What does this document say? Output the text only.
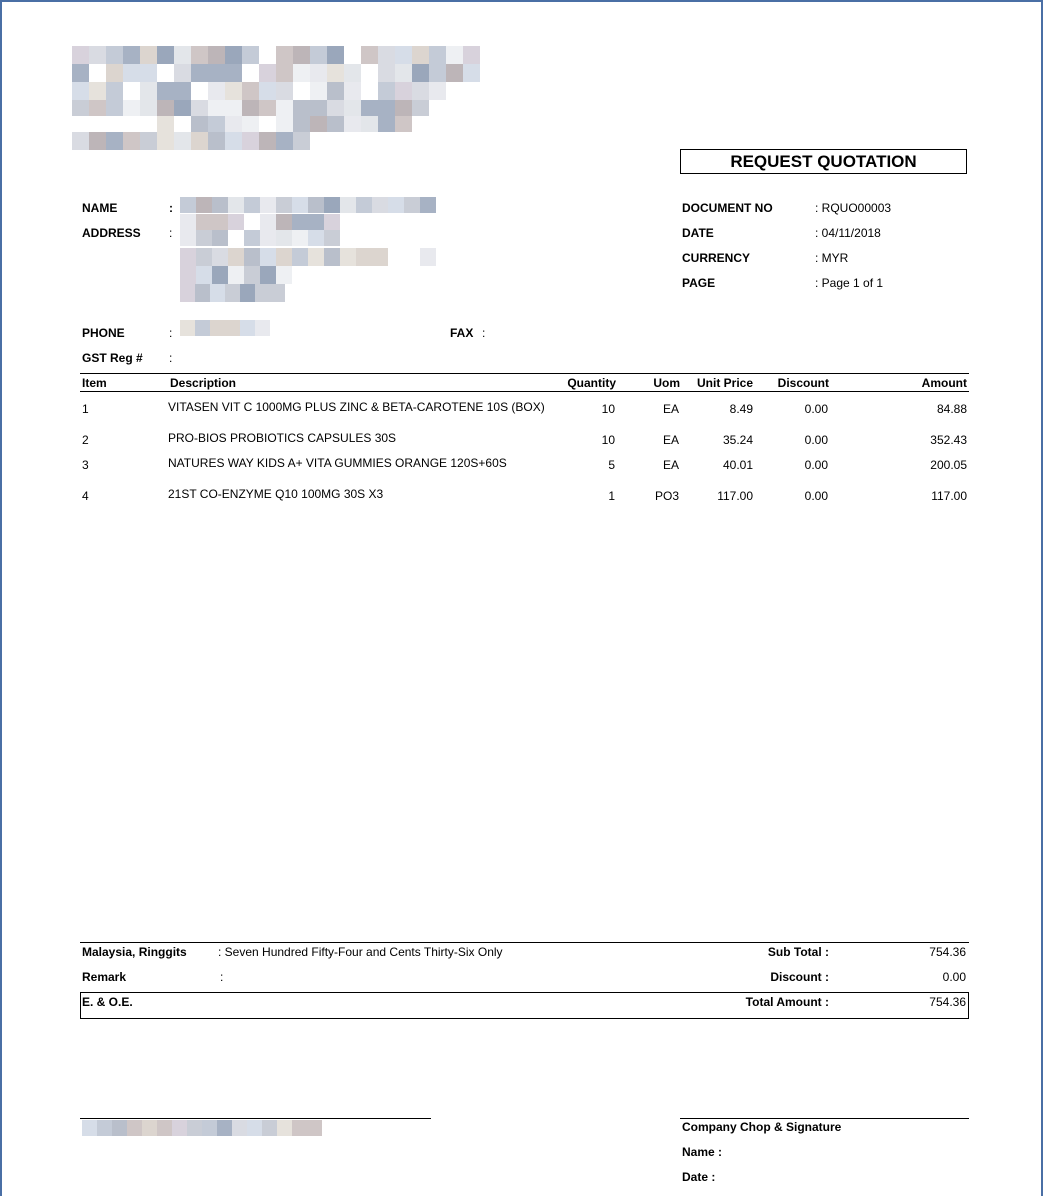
REQUEST QUOTATION
NAME	:
ADDRESS :
PHONE	:	FAX :
GST Reg # :
DOCUMENT NO	: RQUO00003
DATE	: 04/11/2018
CURRENCY	: MYR
PAGE	: Page 1 of 1
Item	Description	Quantity	Uom	Unit Price	Discount	Amount
1	VITASEN VIT C 1000MG PLUS ZINC & BETA-CAROTENE 10S (BOX)	10	EA	8.49	0.00	84.88
2	PRO-BIOS PROBIOTICS CAPSULES 30S	10	EA	35.24	0.00	352.43
3	NATURES WAY KIDS A+ VITA GUMMIES ORANGE 120S+60S	5	EA	40.01	0.00	200.05
4	21ST CO-ENZYME Q10 100MG 30S X3	1	PO3	117.00	0.00	117.00
Malaysia, Ringgits	: Seven Hundred Fifty-Four and Cents Thirty-Six Only	Sub Total :	754.36
Remark	:	Discount :	0.00
E. & O.E.	Total Amount :	754.36
Company Chop & Signature
Name :
Date :
